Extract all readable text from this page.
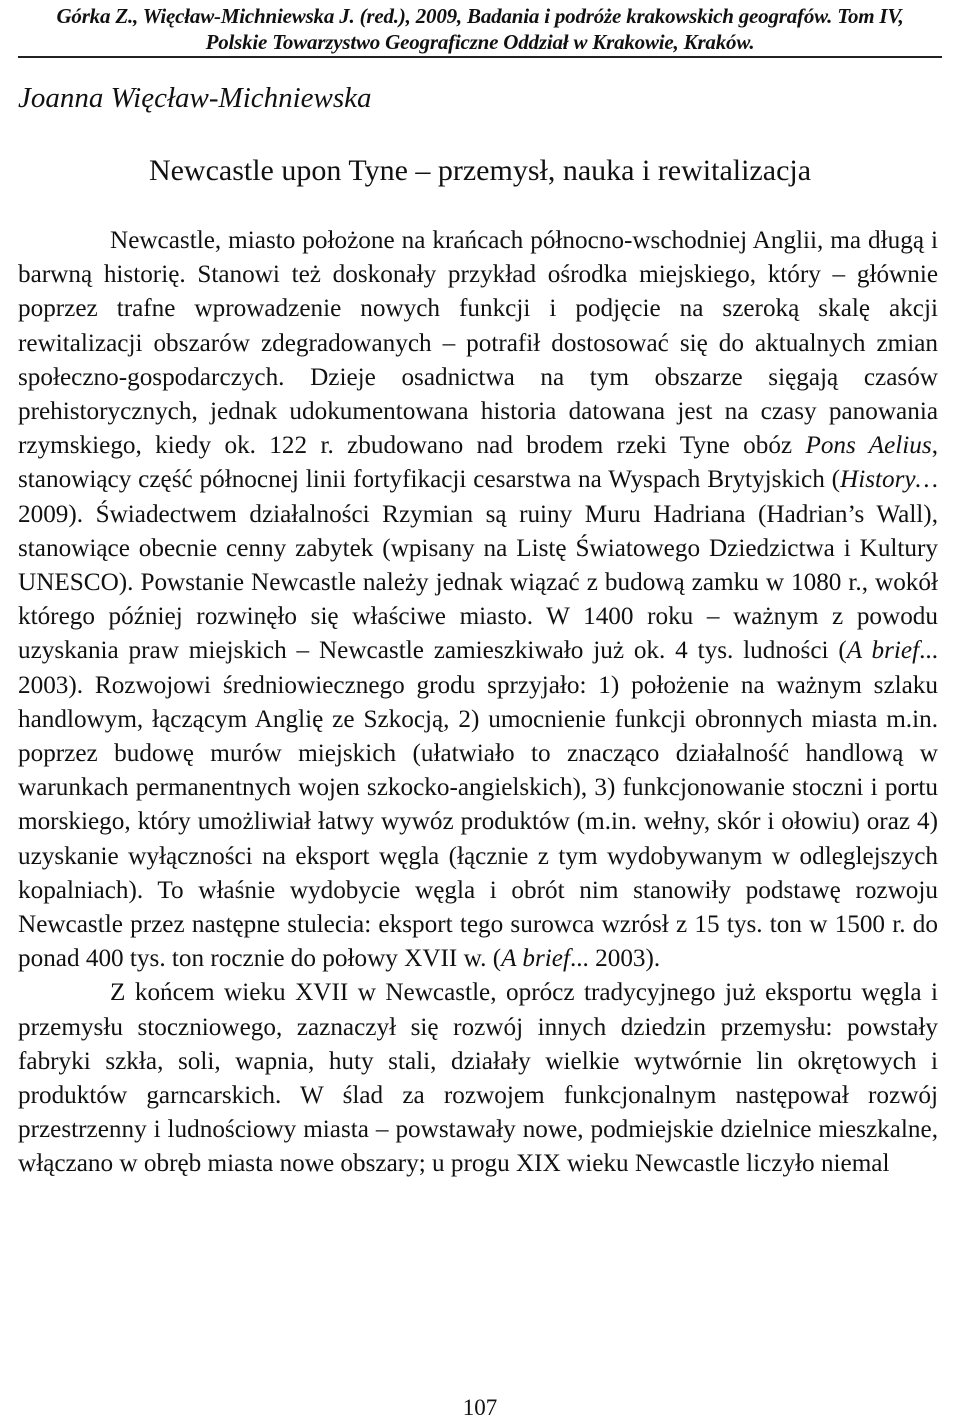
Górka Z., Więcław-Michniewska J. (red.), 2009, Badania i podróże krakowskich geografów. Tom IV,
Polskie Towarzystwo Geograficzne Oddział w Krakowie, Kraków.
Joanna Więcław-Michniewska
Newcastle upon Tyne – przemysł, nauka i rewitalizacja

Newcastle, miasto położone na krańcach północno-wschodniej Anglii, ma długą i barwną historię. Stanowi też doskonały przykład ośrodka miejskiego, który – głównie poprzez trafne wprowadzenie nowych funkcji i podjęcie na szeroką skalę akcji rewitalizacji obszarów zdegradowanych – potrafił dostosować się do aktualnych zmian społeczno-gospodarczych. Dzieje osadnictwa na tym obszarze sięgają czasów prehistorycznych, jednak udokumentowana historia datowana jest na czasy panowania rzymskiego, kiedy ok. 122 r. zbudowano nad brodem rzeki Tyne obóz Pons Aelius, stanowiący część północnej linii fortyfikacji cesarstwa na Wyspach Brytyjskich (History… 2009). Świadectwem działalności Rzymian są ruiny Muru Hadriana (Hadrian’s Wall), stanowiące obecnie cenny zabytek (wpisany na Listę Światowego Dziedzictwa i Kultury UNESCO). Powstanie Newcastle należy jednak wiązać z budową zamku w 1080 r., wokół którego później rozwinęło się właściwe miasto. W 1400 roku – ważnym z powodu uzyskania praw miejskich – Newcastle zamieszkiwało już ok. 4 tys. ludności (A brief... 2003). Rozwojowi średniowiecznego grodu sprzyjało: 1) położenie na ważnym szlaku handlowym, łączącym Anglię ze Szkocją, 2) umocnienie funkcji obronnych miasta m.in. poprzez budowę murów miejskich (ułatwiało to znacząco działalność handlową w warunkach permanentnych wojen szkocko-angielskich), 3) funkcjonowanie stoczni i portu morskiego, który umożliwiał łatwy wywóz produktów (m.in. wełny, skór i ołowiu) oraz 4) uzyskanie wyłączności na eksport węgla (łącznie z tym wydobywanym w odleglejszych kopalniach). To właśnie wydobycie węgla i obrót nim stanowiły podstawę rozwoju Newcastle przez następne stulecia: eksport tego surowca wzrósł z 15 tys. ton w 1500 r. do ponad 400 tys. ton rocznie do połowy XVII w. (A brief... 2003).

Z końcem wieku XVII w Newcastle, oprócz tradycyjnego już eksportu węgla i przemysłu stoczniowego, zaznaczył się rozwój innych dziedzin przemysłu: powstały fabryki szkła, soli, wapnia, huty stali, działały wielkie wytwórnie lin okrętowych i produktów garncarskich. W ślad za rozwojem funkcjonalnym następował rozwój przestrzenny i ludnościowy miasta – powstawały nowe, podmiejskie dzielnice mieszkalne, włączano w obręb miasta nowe obszary; u progu XIX wieku Newcastle liczyło niemal

107
